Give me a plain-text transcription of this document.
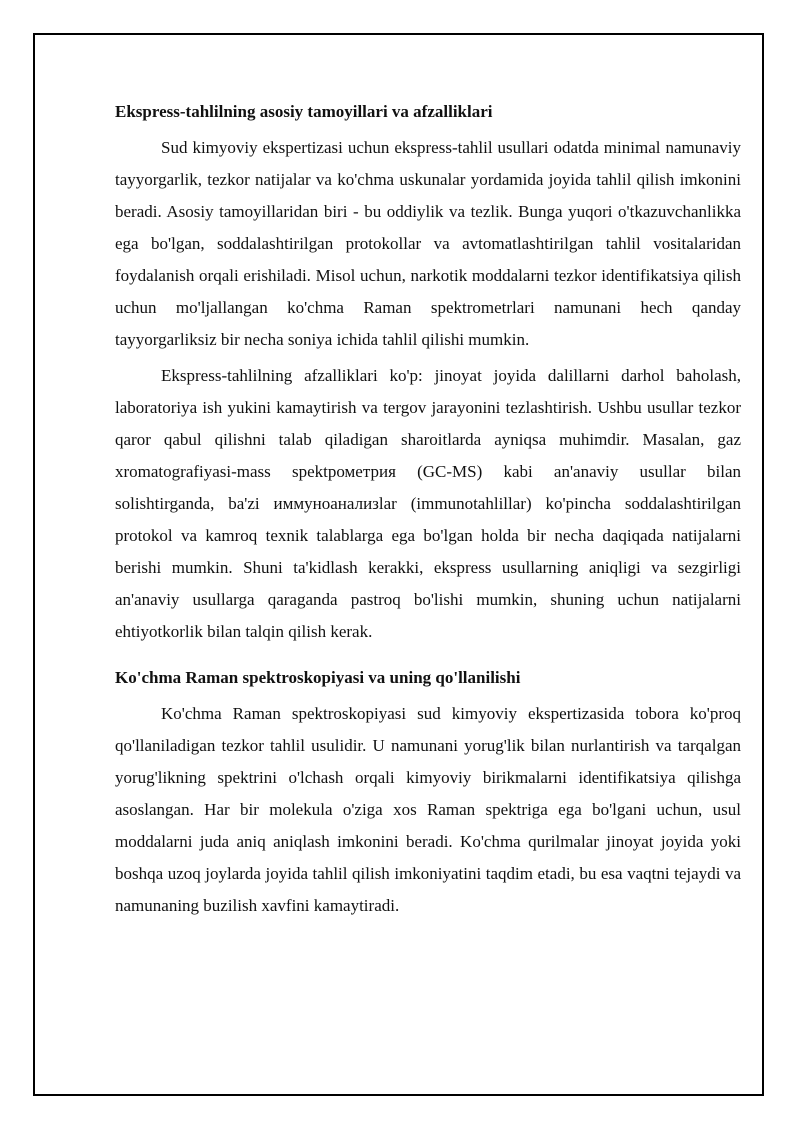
Ekspress-tahlilning asosiy tamoyillari va afzalliklari

Sud kimyoviy ekspertizasi uchun ekspress-tahlil usullari odatda minimal namunaviy tayyorgarlik, tezkor natijalar va ko'chma uskunalar yordamida joyida tahlil qilish imkonini beradi. Asosiy tamoyillaridan biri - bu oddiylik va tezlik. Bunga yuqori o'tkazuvchanlikka ega bo'lgan, soddalashtirilgan protokollar va avtomatlashtirilgan tahlil vositalaridan foydalanish orqali erishiladi. Misol uchun, narkotik moddalarni tezkor identifikatsiya qilish uchun mo'ljallangan ko'chma Raman spektrometrlari namunani hech qanday tayyorgarliksiz bir necha soniya ichida tahlil qilishi mumkin.

Ekspress-tahlilning afzalliklari ko'p: jinoyat joyida dalillarni darhol baholash, laboratoriya ish yukini kamaytirish va tergov jarayonini tezlashtirish. Ushbu usullar tezkor qaror qabul qilishni talab qiladigan sharoitlarda ayniqsa muhimdir. Masalan, gaz xromatografiyasi-mass spektрометрия (GC-MS) kabi an'anaviy usullar bilan solishtirganda, ba'zi иммуноанализlar (immunotahlillar) ko'pincha soddalashtirilgan protokol va kamroq texnik talablarga ega bo'lgan holda bir necha daqiqada natijalarni berishi mumkin. Shuni ta'kidlash kerakki, ekspress usullarning aniqligi va sezgirligi an'anaviy usullarga qaraganda pastroq bo'lishi mumkin, shuning uchun natijalarni ehtiyotkorlik bilan talqin qilish kerak.

Ko'chma Raman spektroskopiyasi va uning qo'llanilishi

Ko'chma Raman spektroskopiyasi sud kimyoviy ekspertizasida tobora ko'proq qo'llaniladigan tezkor tahlil usulidir. U namunani yorug'lik bilan nurlantirish va tarqalgan yorug'likning spektrini o'lchash orqali kimyoviy birikmalarni identifikatsiya qilishga asoslangan. Har bir molekula o'ziga xos Raman spektriga ega bo'lgani uchun, usul moddalarni juda aniq aniqlash imkonini beradi. Ko'chma qurilmalar jinoyat joyida yoki boshqa uzoq joylarda joyida tahlil qilish imkoniyatini taqdim etadi, bu esa vaqtni tejaydi va namunaning buzilish xavfini kamaytiradi.
